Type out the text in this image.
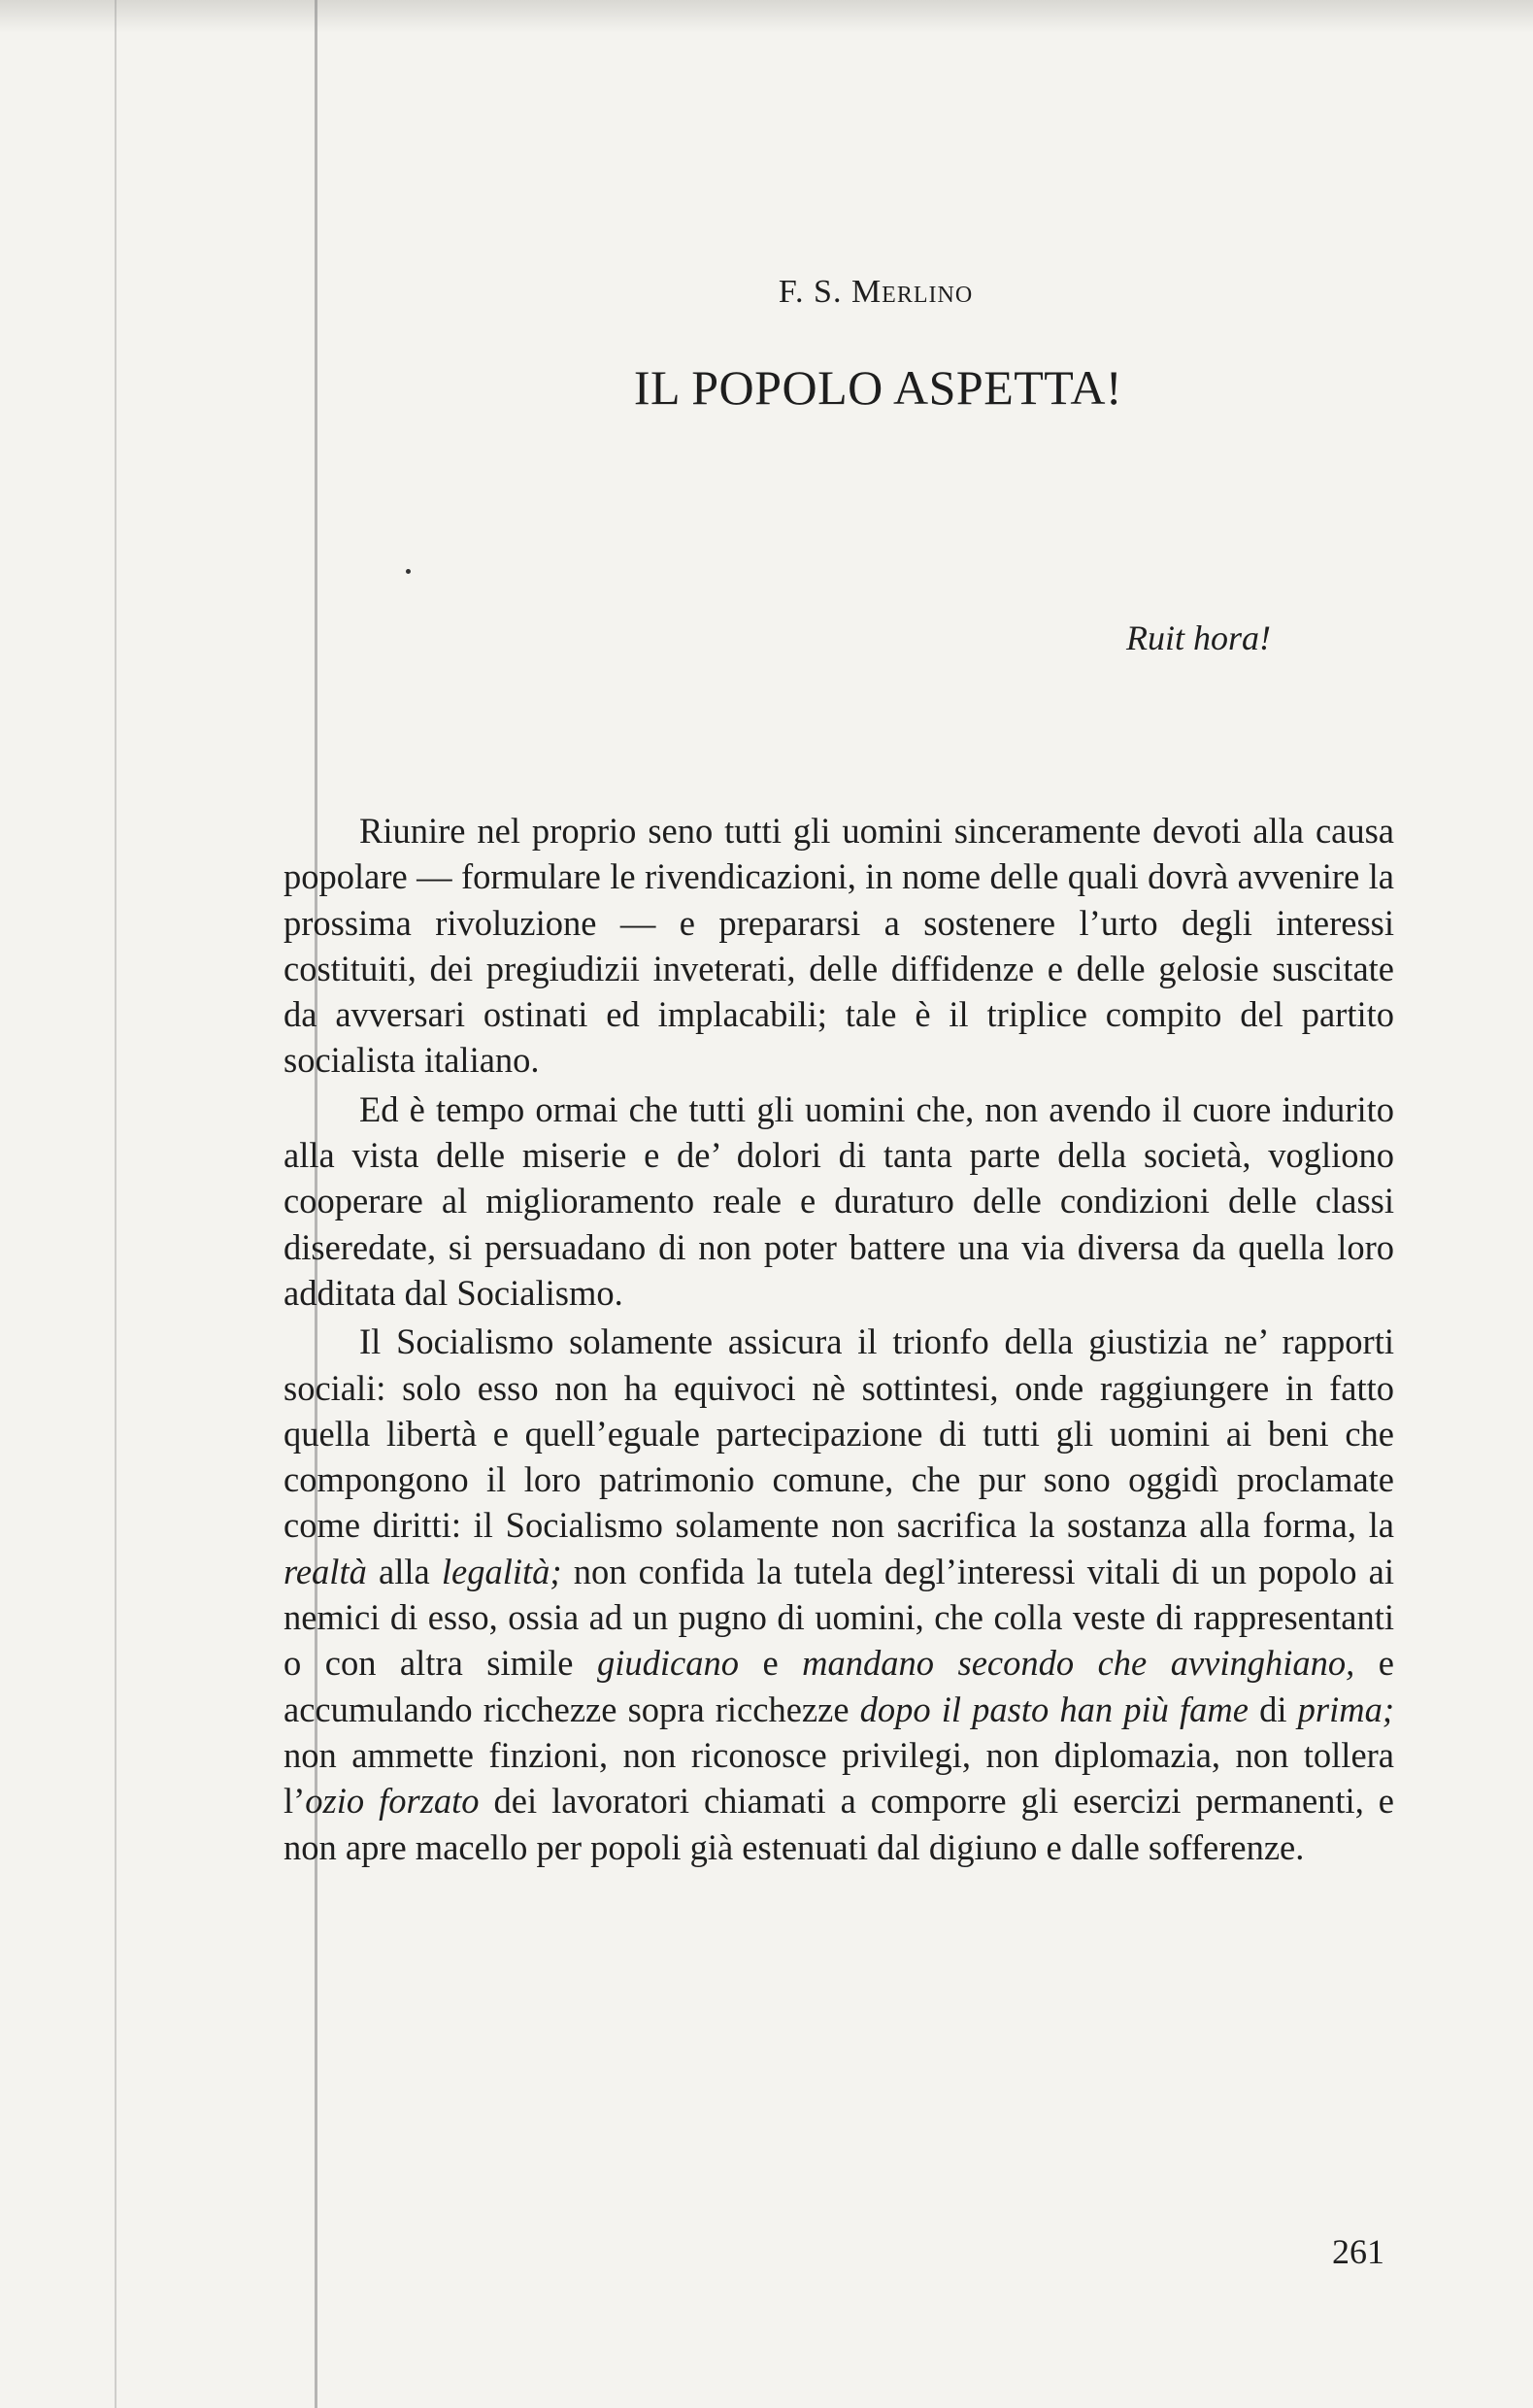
F. S. Merlino
IL POPOLO ASPETTA!
Ruit hora!

Riunire nel proprio seno tutti gli uomini sinceramente devoti alla causa popolare — formulare le rivendicazioni, in nome delle quali dovrà avvenire la prossima rivoluzione — e prepararsi a sostenere l’urto degli interessi costituiti, dei pregiudizii inveterati, delle diffidenze e delle gelosie suscitate da avversari ostinati ed implacabili; tale è il triplice compito del partito socialista italiano.

Ed è tempo ormai che tutti gli uomini che, non avendo il cuore indurito alla vista delle miserie e de’ dolori di tanta parte della società, vogliono cooperare al miglioramento reale e duraturo delle condizioni delle classi diseredate, si persuadano di non poter battere una via diversa da quella loro additata dal Socialismo.

Il Socialismo solamente assicura il trionfo della giustizia ne’ rapporti sociali: solo esso non ha equivoci nè sottintesi, onde raggiungere in fatto quella libertà e quell’eguale partecipazione di tutti gli uomini ai beni che compongono il loro patrimonio comune, che pur sono oggidì proclamate come diritti: il Socialismo solamente non sacrifica la sostanza alla forma, la realtà alla legalità; non confida la tutela degl’interessi vitali di un popolo ai nemici di esso, ossia ad un pugno di uomini, che colla veste di rappresentanti o con altra simile giudicano e mandano secondo che avvinghiano, e accumulando ricchezze sopra ricchezze dopo il pasto han più fame di prima; non ammette finzioni, non riconosce privilegi, non diplomazia, non tollera l’ozio forzato dei lavoratori chiamati a comporre gli esercizi permanenti, e non apre macello per popoli già estenuati dal digiuno e dalle sofferenze.

261
